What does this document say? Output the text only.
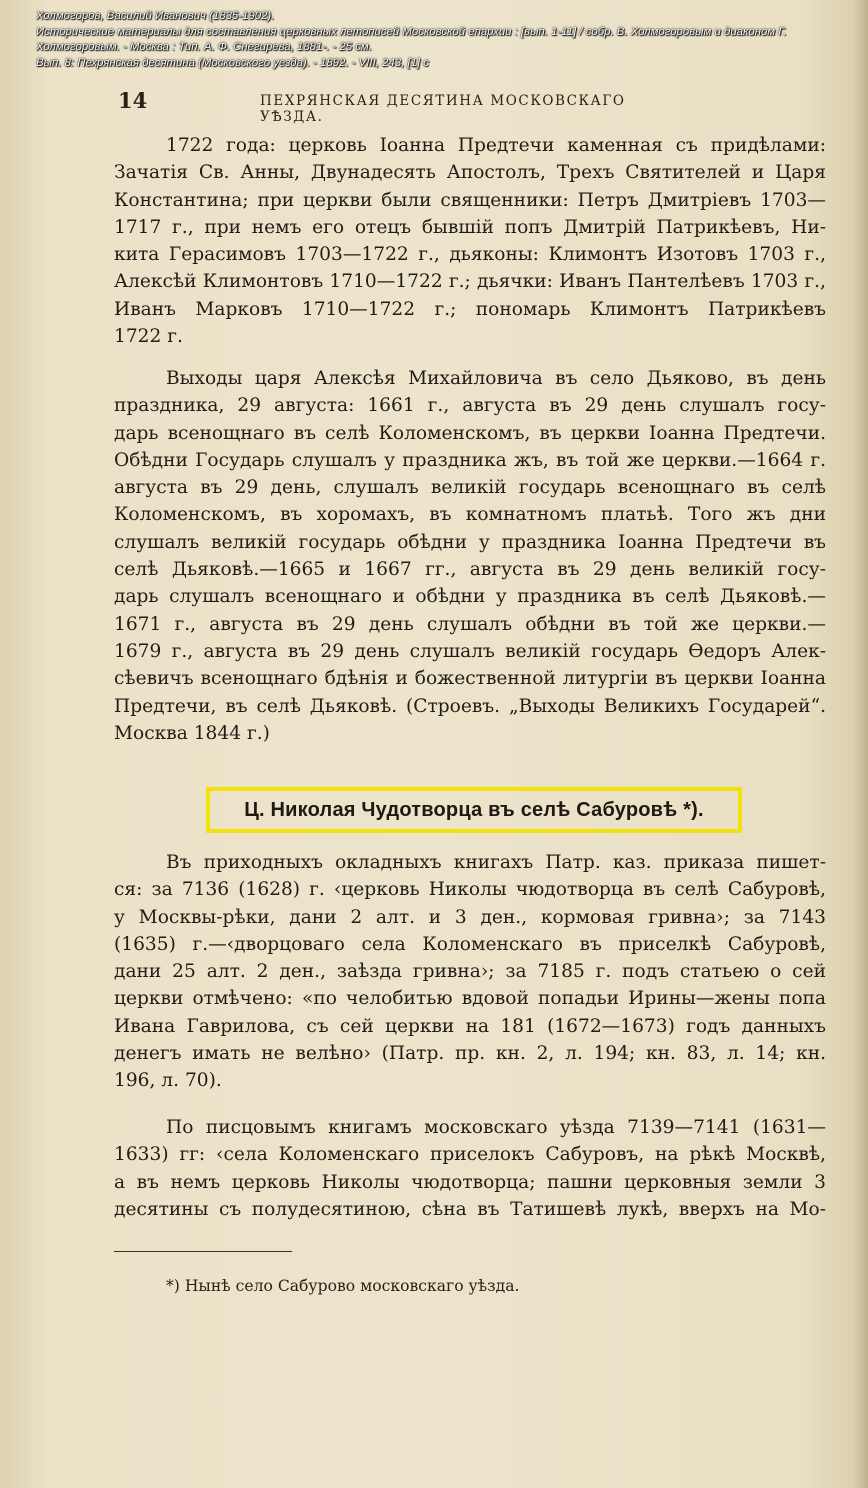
Холмогоров, Василий Иванович (1835-1902).
Исторические материалы для составления церковных летописей Московской епархии : [вып. 1-11] / собр. В. Холмогоровым и диаконом Г.
Холмогоровым. - Москва : Тип. А. Ф. Снегирева, 1881-. - 25 см.
Вып. 8: Пехрянская десятина (Московского уезда). - 1892. - VIII, 243, [1] с
14	ПЕХРЯНСКАЯ ДЕСЯТИНА МОСКОВСКАГО УѢЗДА.
1722 года: церковь Іоанна Предтечи каменная съ придѣлами:
Зачатія Св. Анны, Двунадесять Апостолъ, Трехъ Святителей и Царя
Константина; при церкви были священники: Петръ Дмитріевъ 1703—
1717 г., при немъ его отецъ бывшій попъ Дмитрій Патрикѣевъ, Ни-
кита Герасимовъ 1703—1722 г., дьяконы: Климонтъ Изотовъ 1703 г.,
Алексѣй Климонтовъ 1710—1722 г.; дьячки: Иванъ Пантелѣевъ 1703 г.,
Иванъ Марковъ 1710—1722 г.; пономарь Климонтъ Патрикѣевъ
1722 г.
Выходы царя Алексѣя Михайловича въ село Дьяково, въ день
праздника, 29 августа: 1661 г., августа въ 29 день слушалъ госу-
дарь всенощнаго въ селѣ Коломенскомъ, въ церкви Іоанна Предтечи.
Обѣдни Государь слушалъ у праздника жъ, въ той же церкви.—1664 г.
августа въ 29 день, слушалъ великій государь всенощнаго въ селѣ
Коломенскомъ, въ хоромахъ, въ комнатномъ платьѣ. Того жъ дни
слушалъ великій государь обѣдни у праздника Іоанна Предтечи въ
селѣ Дьяковѣ.—1665 и 1667 гг., августа въ 29 день великій госу-
дарь слушалъ всенощнаго и обѣдни у праздника въ селѣ Дьяковѣ.—
1671 г., августа въ 29 день слушалъ обѣдни въ той же церкви.—
1679 г., августа въ 29 день слушалъ великій государь Ѳедоръ Алек-
сѣевичъ всенощнаго бдѣнія и божественной литургіи въ церкви Іоанна
Предтечи, въ селѣ Дьяковѣ. (Строевъ. „Выходы Великихъ Государей“.
Москва 1844 г.)
Ц. Николая Чудотворца въ селѣ Сабуровѣ *).
Въ приходныхъ окладныхъ книгахъ Патр. каз. приказа пишет-
ся: за 7136 (1628) г. ‹церковь Николы чюдотворца въ селѣ Сабуровѣ,
у Москвы-рѣки, дани 2 алт. и 3 ден., кормовая гривна›; за 7143
(1635) г.—‹дворцоваго села Коломенскаго въ приселкѣ Сабуровѣ,
дани 25 алт. 2 ден., заѣзда гривна›; за 7185 г. подъ статьею о сей
церкви отмѣчено: «по челобитью вдовой попадьи Ирины—жены попа
Ивана Гаврилова, съ сей церкви на 181 (1672—1673) годъ данныхъ
денегъ имать не велѣно› (Патр. пр. кн. 2, л. 194; кн. 83, л. 14; кн.
196, л. 70).
По писцовымъ книгамъ московскаго уѣзда 7139—7141 (1631—
1633) гг: ‹села Коломенскаго приселокъ Сабуровъ, на рѣкѣ Москвѣ,
а въ немъ церковь Николы чюдотворца; пашни церковныя земли 3
десятины съ полудесятиною, сѣна въ Татишевѣ лукѣ, вверхъ на Мо-
*) Нынѣ село Сабурово московскаго уѣзда.
